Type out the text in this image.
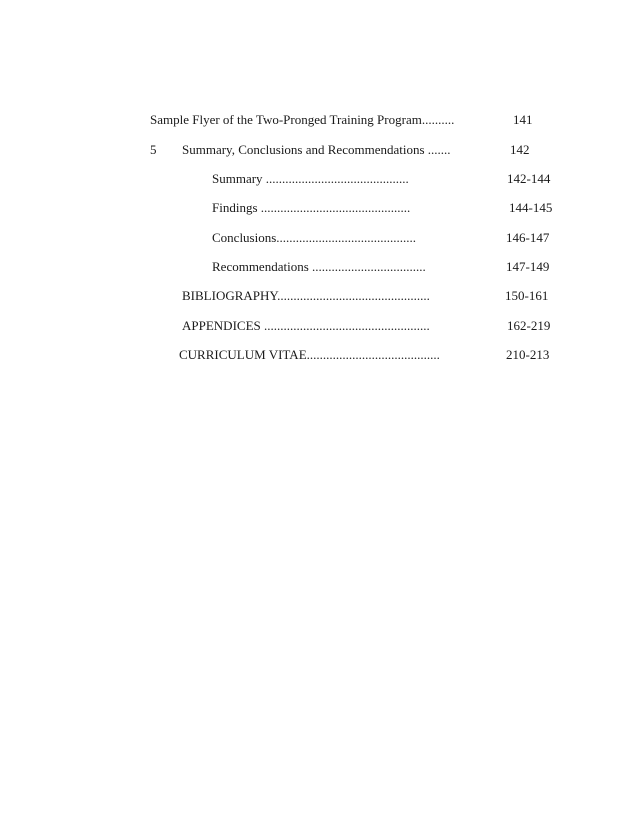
Sample Flyer of the Two-Pronged Training Program..........	141
5 Summary, Conclusions and Recommendations .......	142
Summary ............................................	142-144
Findings ..............................................	144-145
Conclusions...........................................	146-147
Recommendations ...................................	147-149
BIBLIOGRAPHY...............................................	150-161
APPENDICES ...................................................	162-219
CURRICULUM VITAE.........................................	210-213
